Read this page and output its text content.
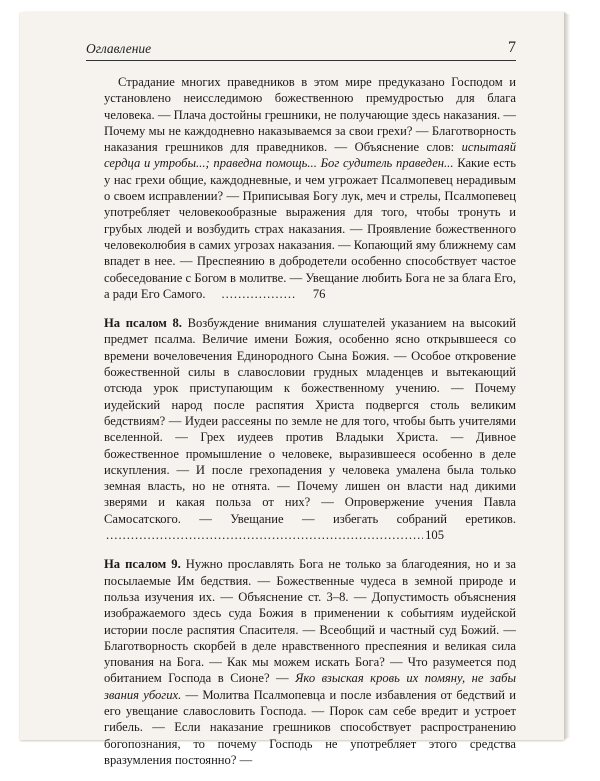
Оглавление	7

Страдание многих праведников в этом мире предуказано Господом и установлено неисследимою божественною премудростью для блага человека. — Плача достойны грешники, не получающие здесь наказания. — Почему мы не каждодневно наказываемся за свои грехи? — Благотворность наказания грешников для праведников. — Объяснение слов: испытаяй сердца и утробы...; праведна помощь... Бог судитель праведен... Какие есть у нас грехи общие, каждодневные, и чем угрожает Псалмопевец нерадивым о своем исправлении? — Приписывая Богу лук, меч и стрелы, Псалмопевец употребляет человекообразные выражения для того, чтобы тронуть и грубых людей и возбудить страх наказания. — Проявление божественного человеколюбия в самих угрозах наказания. — Копающий яму ближнему сам впадет в нее. — Преспеянию в добродетели особенно способствует частое собеседование с Богом в молитве. — Увещание любить Бога не за блага Его, а ради Его Самого.
.....	76

На псалом 8. Возбуждение внимания слушателей указанием на высокий предмет псалма. Величие имени Божия, особенно ясно открывшееся со времени вочеловечения Единородного Сына Божия. — Особое откровение божественной силы в славословии грудных младенцев и вытекающий отсюда урок приступающим к божественному учению. — Почему иудейский народ после распятия Христа подвергся столь великим бедствиям? — Иудеи рассеяны по земле не для того, чтобы быть учителями вселенной. — Грех иудеев против Владыки Христа. — Дивное божественное промышление о человеке, выразившееся особенно в деле искупления. — И после грехопадения у человека умалена была только земная власть, но не отнята. — Почему лишен он власти над дикими зверями и какая польза от них? — Опровержение учения Павла Самосатского. — Увещание — избегать собраний еретиков.
.....
105

На псалом 9. Нужно прославлять Бога не только за благодеяния, но и за посылаемые Им бедствия. — Божественные чудеса в земной природе и польза изучения их. — Объяснение ст. 3–8. — Допустимость объяснения изображаемого здесь суда Божия в применении к событиям иудейской истории после распятия Спасителя. — Всеобщий и частный суд Божий. — Благотворность скорбей в деле нравственного преспеяния и великая сила упования на Бога. — Как мы можем искать Бога? — Что разумеется под обитанием Господа в Сионе? — Яко взыская кровь их помяну, не забы звания убогих. — Молитва Псалмопевца и после избавления от бедствий и его увещание славословить Господа. — Порок сам себе вредит и устроет гибель. — Если наказание грешников способствует распространению богопознания, то почему Господь не употребляет этого средства вразумления постоянно? —
